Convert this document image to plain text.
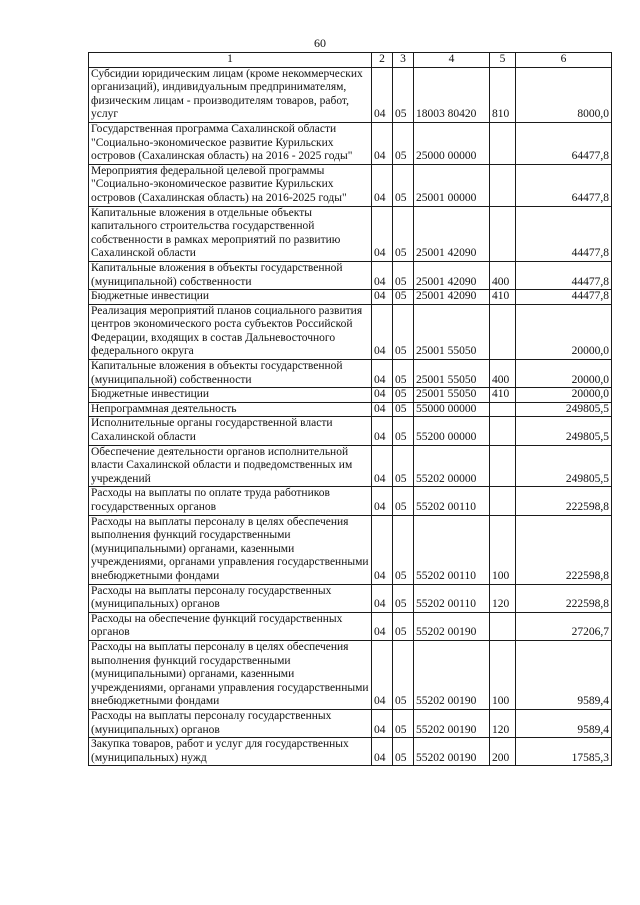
60
1	2	3	4	5	6
Субсидии юридическим лицам (кроме некоммерческих организаций), индивидуальным предпринимателям, физическим лицам - производителям товаров, работ, услуг	04	05	18003 80420	810	8000,0
Государственная программа Сахалинской области "Социально-экономическое развитие Курильских островов (Сахалинская область) на 2016 - 2025 годы"	04	05	25000 00000		64477,8
Мероприятия федеральной целевой программы "Социально-экономическое развитие Курильских островов (Сахалинская область) на 2016-2025 годы"	04	05	25001 00000		64477,8
Капитальные вложения в отдельные объекты капитального строительства государственной собственности в рамках мероприятий по развитию Сахалинской области	04	05	25001 42090		44477,8
Капитальные вложения в объекты государственной (муниципальной) собственности	04	05	25001 42090	400	44477,8
Бюджетные инвестиции	04	05	25001 42090	410	44477,8
Реализация мероприятий планов социального развития центров экономического роста субъектов Российской Федерации, входящих в состав Дальневосточного федерального округа	04	05	25001 55050		20000,0
Капитальные вложения в объекты государственной (муниципальной) собственности	04	05	25001 55050	400	20000,0
Бюджетные инвестиции	04	05	25001 55050	410	20000,0
Непрограммная деятельность	04	05	55000 00000		249805,5
Исполнительные органы государственной власти Сахалинской области	04	05	55200 00000		249805,5
Обеспечение деятельности органов исполнительной власти Сахалинской области и подведомственных им учреждений	04	05	55202 00000		249805,5
Расходы на выплаты по оплате труда работников государственных органов	04	05	55202 00110		222598,8
Расходы на выплаты персоналу в целях обеспечения выполнения функций государственными (муниципальными) органами, казенными учреждениями, органами управления государственными внебюджетными фондами	04	05	55202 00110	100	222598,8
Расходы на выплаты персоналу государственных (муниципальных) органов	04	05	55202 00110	120	222598,8
Расходы на обеспечение функций государственных органов	04	05	55202 00190		27206,7
Расходы на выплаты персоналу в целях обеспечения выполнения функций государственными (муниципальными) органами, казенными учреждениями, органами управления государственными внебюджетными фондами	04	05	55202 00190	100	9589,4
Расходы на выплаты персоналу государственных (муниципальных) органов	04	05	55202 00190	120	9589,4
Закупка товаров, работ и услуг для государственных (муниципальных) нужд	04	05	55202 00190	200	17585,3
